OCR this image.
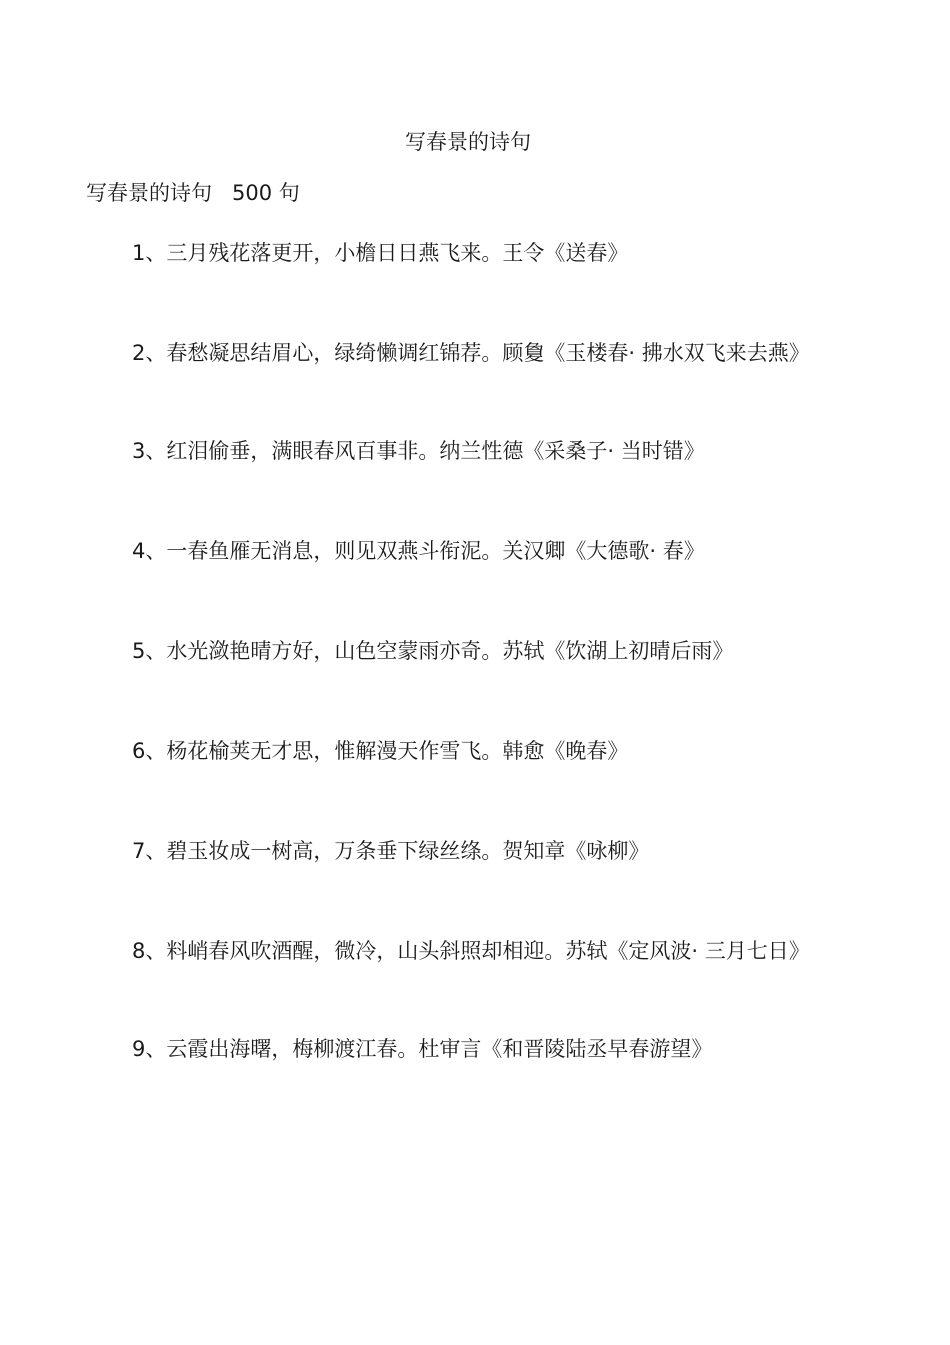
写春景的诗句
写春景的诗句   500 句
1、三月残花落更开，小檐日日燕飞来。王令《送春》
2、春愁凝思结眉心，绿绮懒调红锦荐。顾敻《玉楼春· 拂水双飞来去燕》
3、红泪偷垂，满眼春风百事非。纳兰性德《采桑子· 当时错》
4、一春鱼雁无消息，则见双燕斗衔泥。关汉卿《大德歌· 春》
5、水光潋艳晴方好，山色空蒙雨亦奇。苏轼《饮湖上初晴后雨》
6、杨花榆荚无才思，惟解漫天作雪飞。韩愈《晚春》
7、碧玉妆成一树高，万条垂下绿丝绦。贺知章《咏柳》
8、料峭春风吹酒醒，微冷，山头斜照却相迎。苏轼《定风波· 三月七日》
9、云霞出海曙，梅柳渡江春。杜审言《和晋陵陆丞早春游望》
